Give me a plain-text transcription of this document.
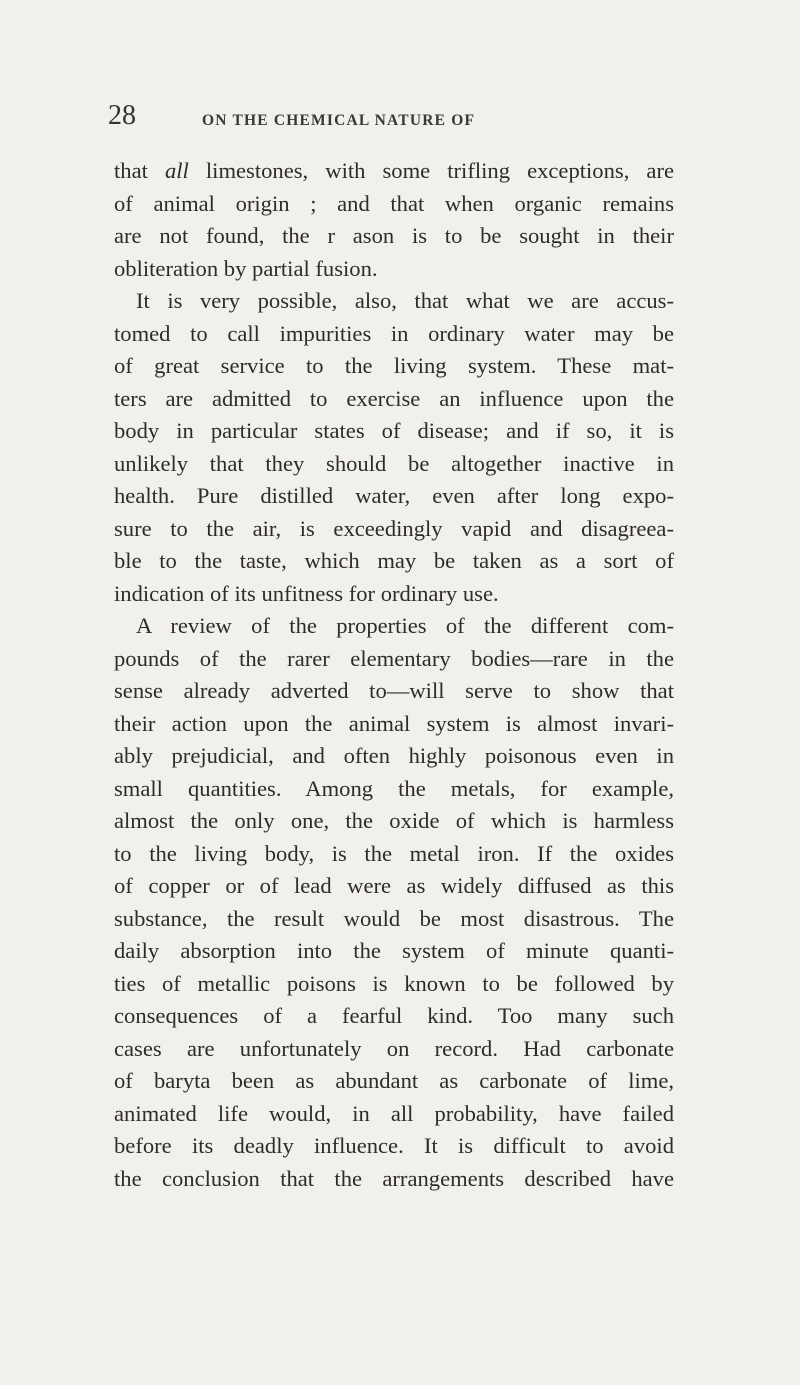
28	ON THE CHEMICAL NATURE OF
that all limestones, with some trifling exceptions, are
of animal origin ; and that when organic remains
are not found, the r ason is to be sought in their
obliteration by partial fusion.
It is very possible, also, that what we are accus-
tomed to call impurities in ordinary water may be
of great service to the living system. These mat-
ters are admitted to exercise an influence upon the
body in particular states of disease; and if so, it is
unlikely that they should be altogether inactive in
health. Pure distilled water, even after long expo-
sure to the air, is exceedingly vapid and disagreea-
ble to the taste, which may be taken as a sort of
indication of its unfitness for ordinary use.
A review of the properties of the different com-
pounds of the rarer elementary bodies—rare in the
sense already adverted to—will serve to show that
their action upon the animal system is almost invari-
ably prejudicial, and often highly poisonous even in
small quantities. Among the metals, for example,
almost the only one, the oxide of which is harmless
to the living body, is the metal iron. If the oxides
of copper or of lead were as widely diffused as this
substance, the result would be most disastrous. The
daily absorption into the system of minute quanti-
ties of metallic poisons is known to be followed by
consequences of a fearful kind. Too many such
cases are unfortunately on record. Had carbonate
of baryta been as abundant as carbonate of lime,
animated life would, in all probability, have failed
before its deadly influence. It is difficult to avoid
the conclusion that the arrangements described have
